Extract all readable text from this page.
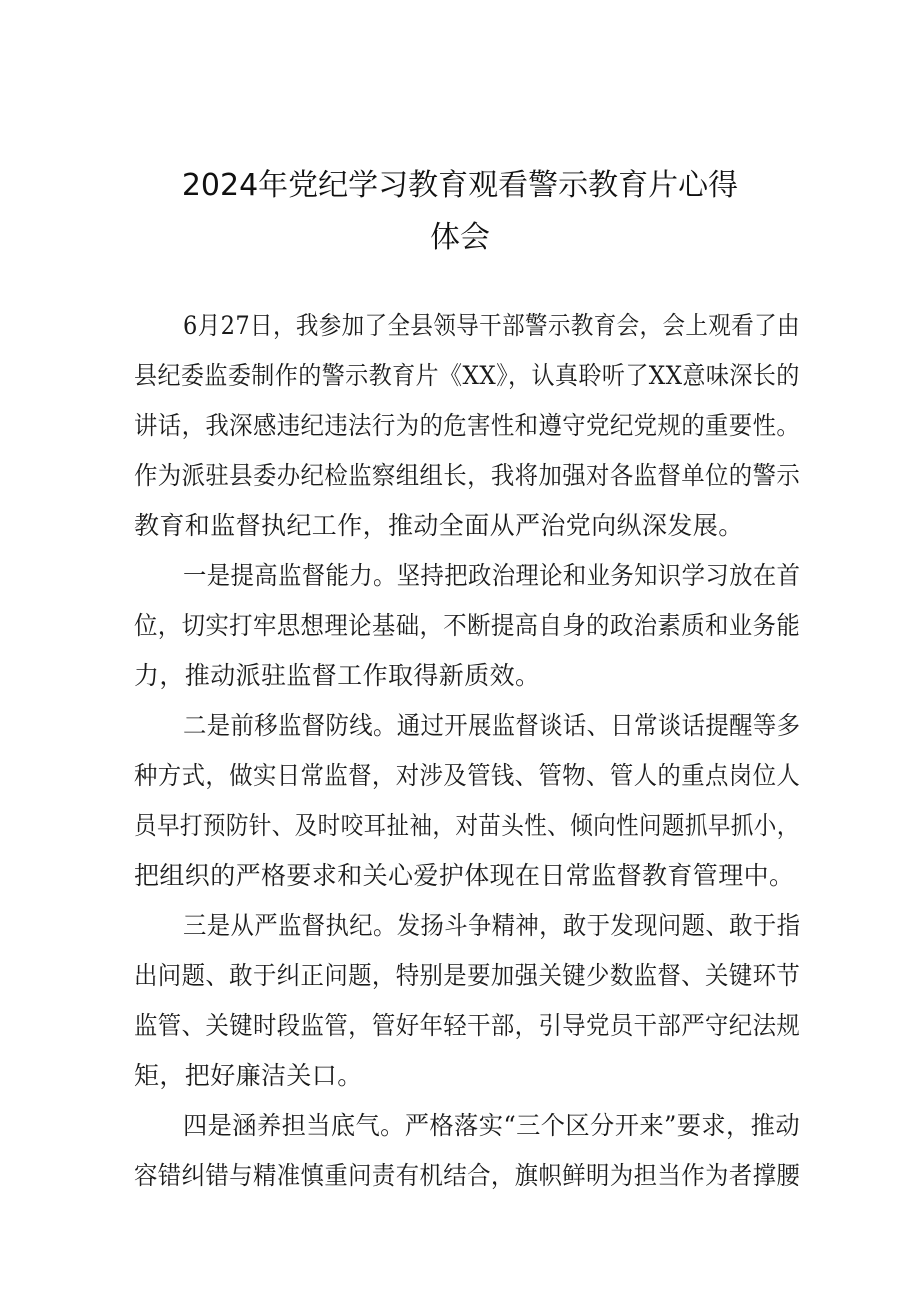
2024年党纪学习教育观看警示教育片心得
体会
6月27日，我参加了全县领导干部警示教育会，会上观看了由
县纪委监委制作的警示教育片《XX》，认真聆听了XX意味深长的
讲话，我深感违纪违法行为的危害性和遵守党纪党规的重要性。
作为派驻县委办纪检监察组组长，我将加强对各监督单位的警示
教育和监督执纪工作，推动全面从严治党向纵深发展。
一是提高监督能力。坚持把政治理论和业务知识学习放在首
位，切实打牢思想理论基础，不断提高自身的政治素质和业务能
力，推动派驻监督工作取得新质效。
二是前移监督防线。通过开展监督谈话、日常谈话提醒等多
种方式，做实日常监督，对涉及管钱、管物、管人的重点岗位人
员早打预防针、及时咬耳扯袖，对苗头性、倾向性问题抓早抓小，
把组织的严格要求和关心爱护体现在日常监督教育管理中。
三是从严监督执纪。发扬斗争精神，敢于发现问题、敢于指
出问题、敢于纠正问题，特别是要加强关键少数监督、关键环节
监管、关键时段监管，管好年轻干部，引导党员干部严守纪法规
矩，把好廉洁关口。
四是涵养担当底气。严格落实“三个区分开来”要求，推动
容错纠错与精准慎重问责有机结合，旗帜鲜明为担当作为者撑腰
